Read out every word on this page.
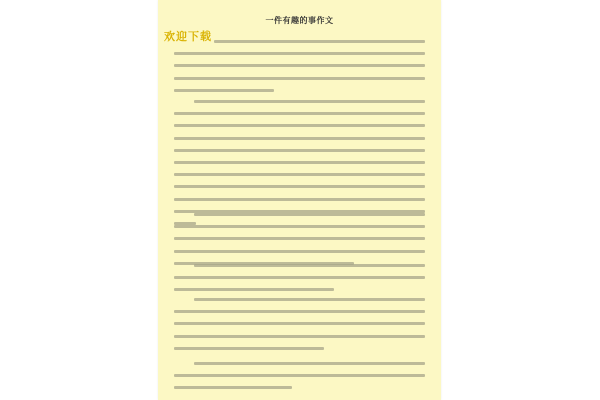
一件有趣的事作文
欢迎下载
